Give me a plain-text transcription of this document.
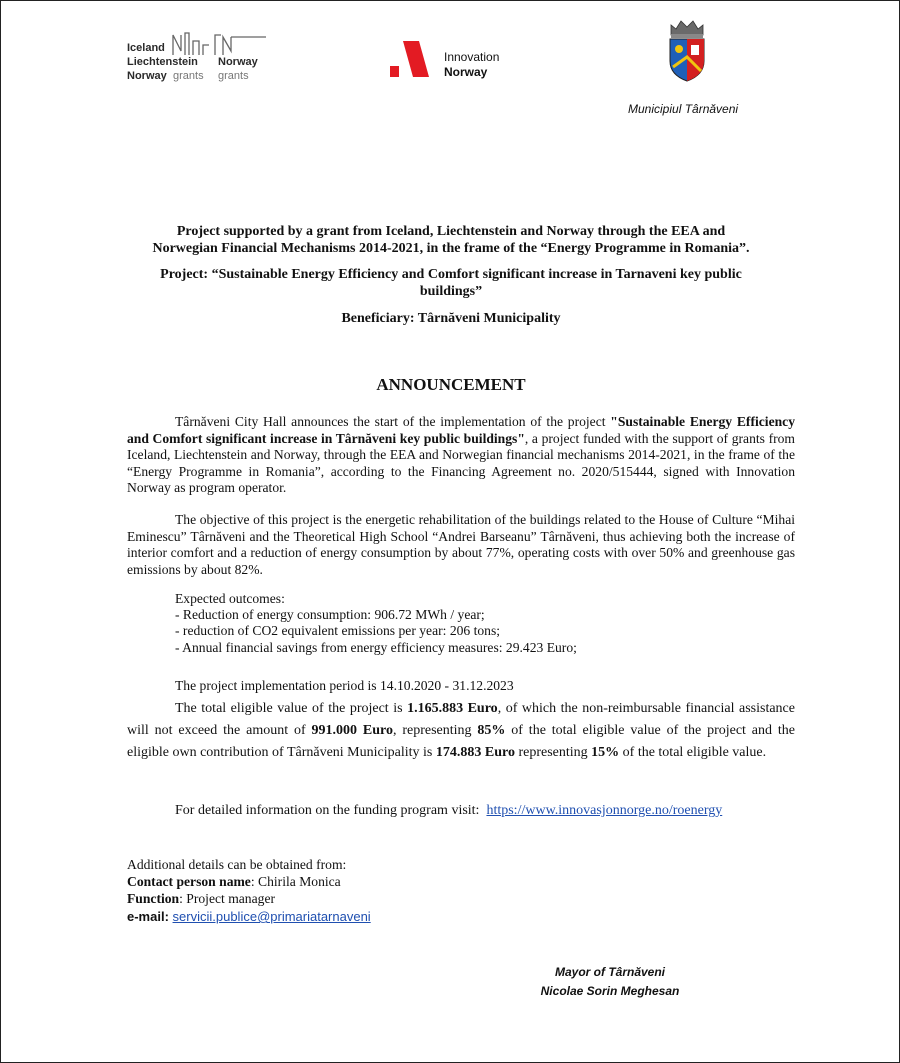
Iceland
Liechtenstein Norway
Norway grants grants
Innovation
Norway
Municipiul Târnăveni
Project supported by a grant from Iceland, Liechtenstein and Norway through the EEA and
Norwegian Financial Mechanisms 2014-2021, in the frame of the “Energy Programme in Romania”.
Project: “Sustainable Energy Efficiency and Comfort significant increase in Tarnaveni key public
buildings”
Beneficiary: Târnăveni Municipality
ANNOUNCEMENT
Târnăveni City Hall announces the start of the implementation of the project "Sustainable Energy Efficiency and Comfort significant increase in Târnăveni key public buildings", a project funded with the support of grants from Iceland, Liechtenstein and Norway, through the EEA and Norwegian financial mechanisms 2014-2021, in the frame of the “Energy Programme in Romania”, according to the Financing Agreement no. 2020/515444, signed with Innovation Norway as program operator.
The objective of this project is the energetic rehabilitation of the buildings related to the House of Culture “Mihai Eminescu” Târnăveni and the Theoretical High School “Andrei Barseanu” Târnăveni, thus achieving both the increase of interior comfort and a reduction of energy consumption by about 77%, operating costs with over 50% and greenhouse gas emissions by about 82%.
Expected outcomes:
- Reduction of energy consumption: 906.72 MWh / year;
- reduction of CO2 equivalent emissions per year: 206 tons;
- Annual financial savings from energy efficiency measures: 29.423 Euro;
The project implementation period is 14.10.2020 - 31.12.2023
The total eligible value of the project is 1.165.883 Euro, of which the non-reimbursable financial assistance will not exceed the amount of 991.000 Euro, representing 85% of the total eligible value of the project and the eligible own contribution of Târnăveni Municipality is 174.883 Euro representing 15% of the total eligible value.
For detailed information on the funding program visit: https://www.innovasjonnorge.no/roenergy
Additional details can be obtained from:
Contact person name: Chirila Monica
Function: Project manager
e-mail: servicii.publice@primariatarnaveni
Mayor of Târnăveni
Nicolae Sorin Meghesan
